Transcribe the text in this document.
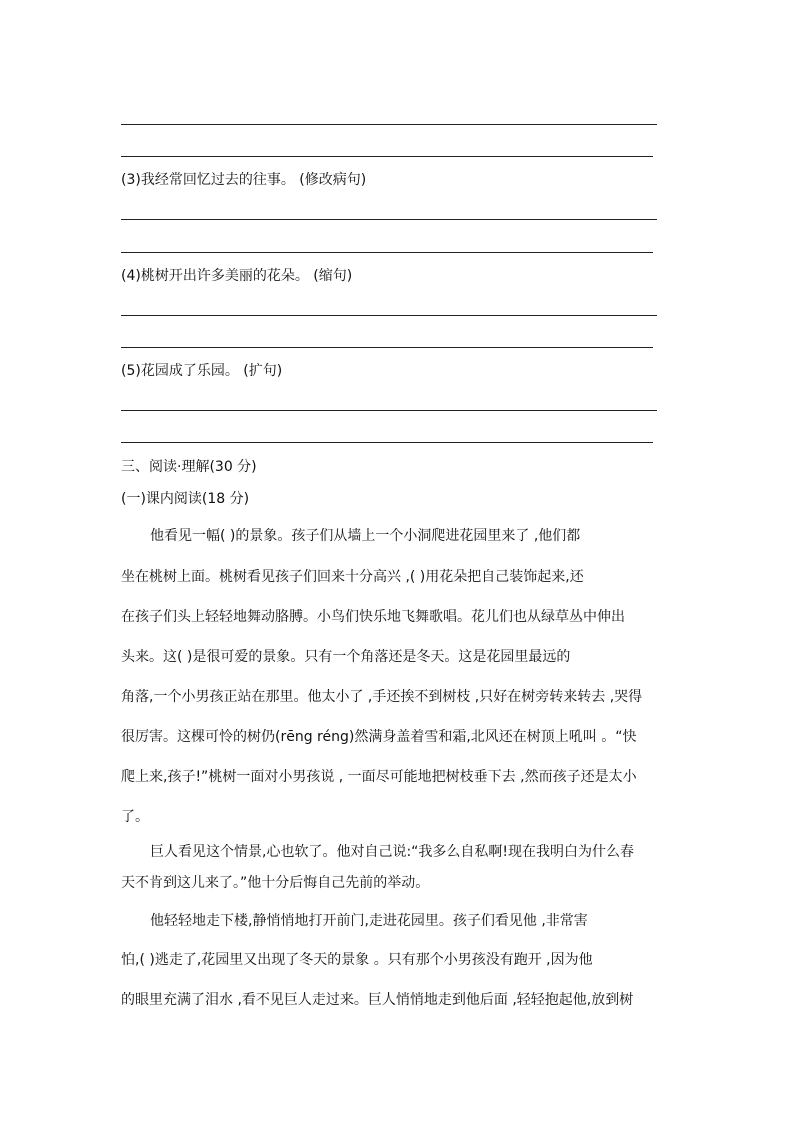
(3)我经常回忆过去的往事。 (修改病句)
(4)桃树开出许多美丽的花朵。 (缩句)
(5)花园成了乐园。 (扩句)
三、阅读·理解(30 分)
(一)课内阅读(18 分)
他看见一幅( )的景象。孩子们从墙上一个小洞爬进花园里来了 ,他们都
坐在桃树上面。桃树看见孩子们回来十分高兴 ,( )用花朵把自己装饰起来,还
在孩子们头上轻轻地舞动胳膊。小鸟们快乐地飞舞歌唱。花儿们也从绿草丛中伸出
头来。这( )是很可爱的景象。只有一个角落还是冬天。这是花园里最远的
角落,一个小男孩正站在那里。他太小了 ,手还挨不到树枝 ,只好在树旁转来转去 ,哭得
很厉害。这棵可怜的树仍(rēng réng)然满身盖着雪和霜,北风还在树顶上吼叫 。“快
爬上来,孩子!”桃树一面对小男孩说 , 一面尽可能地把树枝垂下去 ,然而孩子还是太小
了。
巨人看见这个情景,心也软了。他对自己说:“我多么自私啊!现在我明白为什么春
天不肯到这儿来了。”他十分后悔自己先前的举动。
他轻轻地走下楼,静悄悄地打开前门,走进花园里。孩子们看见他 ,非常害
怕,( )逃走了,花园里又出现了冬天的景象 。只有那个小男孩没有跑开 ,因为他
的眼里充满了泪水 ,看不见巨人走过来。巨人悄悄地走到他后面 ,轻轻抱起他,放到树
